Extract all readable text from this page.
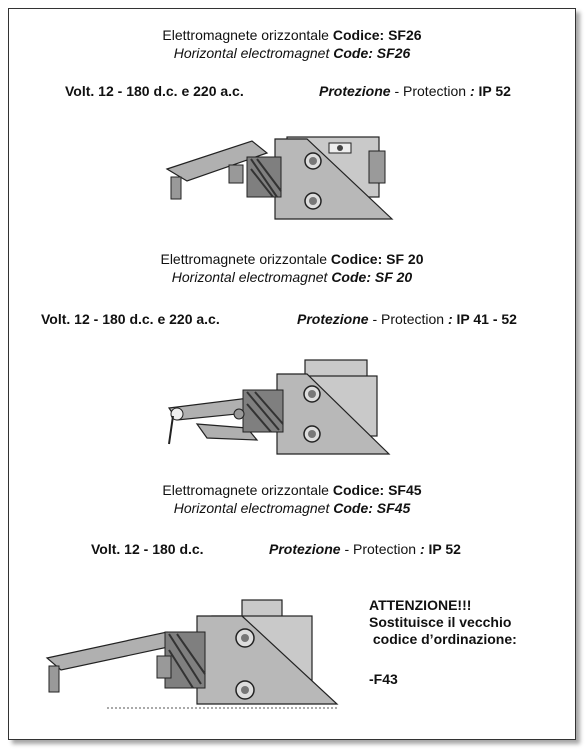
Elettromagnete orizzontale Codice: SF26
Horizontal electromagnet Code: SF26
Volt. 12 - 180 d.c. e 220 a.c.	Protezione - Protection : IP 52
Elettromagnete orizzontale Codice: SF 20
Horizontal electromagnet Code: SF 20
Volt. 12 - 180 d.c. e 220 a.c.	Protezione - Protection : IP 41 - 52
Elettromagnete orizzontale Codice: SF45
Horizontal electromagnet Code: SF45
Volt. 12 - 180 d.c.	Protezione - Protection : IP 52
ATTENZIONE!!!
Sostituisce il vecchio
codice d’ordinazione:
-F43
